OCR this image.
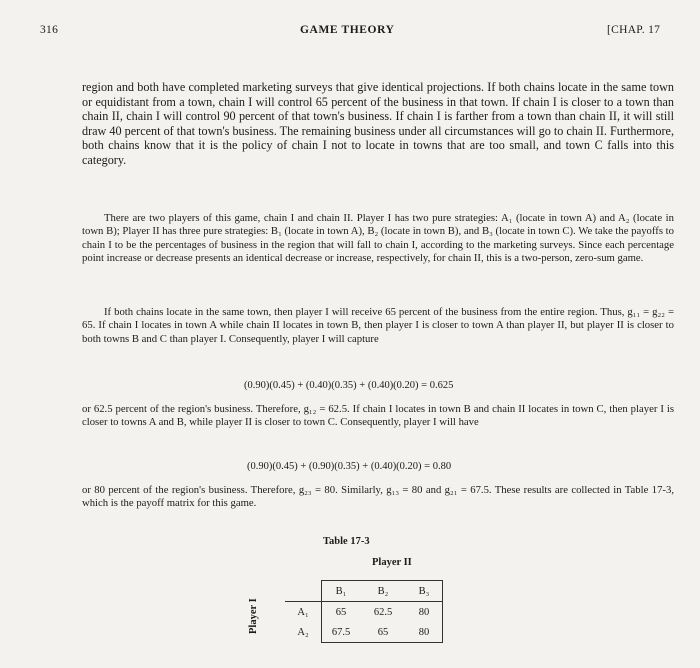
316	GAME THEORY	[CHAP. 17

region and both have completed marketing surveys that give identical projections. If both chains locate in the same town or equidistant from a town, chain I will control 65 percent of the business in that town. If chain I is closer to a town than chain II, chain I will control 90 percent of that town's business. If chain I is farther from a town than chain II, it will still draw 40 percent of that town's business. The remaining business under all circumstances will go to chain II. Furthermore, both chains know that it is the policy of chain I not to locate in towns that are too small, and town C falls into this category.

There are two players of this game, chain I and chain II. Player I has two pure strategies: A₁ (locate in town A) and A₂ (locate in town B); Player II has three pure strategies: B₁ (locate in town A), B₂ (locate in town B), and B₃ (locate in town C). We take the payoffs to chain I to be the percentages of business in the region that will fall to chain I, according to the marketing surveys. Since each percentage point increase or decrease presents an identical decrease or increase, respectively, for chain II, this is a two-person, zero-sum game.

If both chains locate in the same town, then player I will receive 65 percent of the business from the entire region. Thus, g₁₁ = g₂₂ = 65. If chain I locates in town A while chain II locates in town B, then player I is closer to town A than player II, but player II is closer to both towns B and C than player I. Consequently, player I will capture

(0.90)(0.45) + (0.40)(0.35) + (0.40)(0.20) = 0.625

or 62.5 percent of the region's business. Therefore, g₁₂ = 62.5. If chain I locates in town B and chain II locates in town C, then player I is closer to towns A and B, while player II is closer to town C. Consequently, player I will have

(0.90)(0.45) + (0.90)(0.35) + (0.40)(0.20) = 0.80

or 80 percent of the region's business. Therefore, g₂₃ = 80. Similarly, g₁₃ = 80 and g₂₁ = 67.5. These results are collected in Table 17-3, which is the payoff matrix for this game.

Table 17-3
Player II
Player I
	B₁	B₂	B₃
A₁	65	62.5	80
A₂	67.5	65	80
